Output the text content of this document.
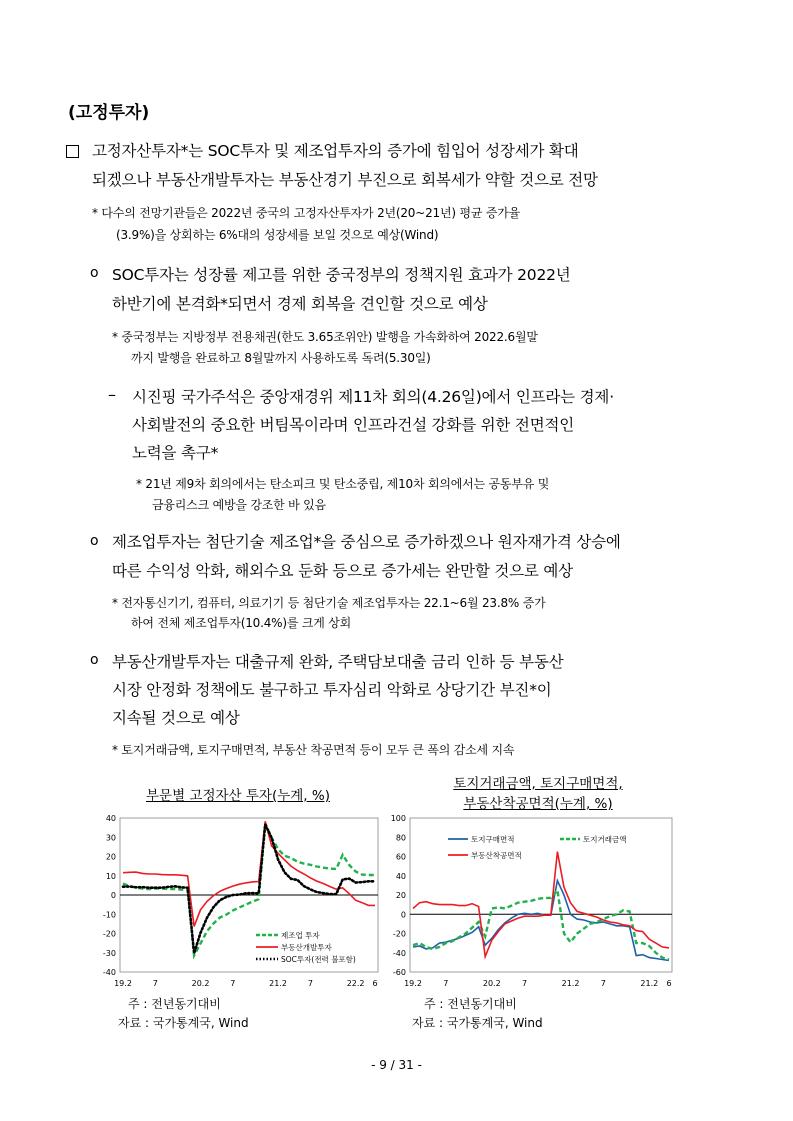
(고정투자)
고정자산투자*는 SOC투자 및 제조업투자의 증가에 힘입어 성장세가 확대
되겠으나 부동산개발투자는 부동산경기 부진으로 회복세가 약할 것으로 전망
* 다수의 전망기관들은 2022년 중국의 고정자산투자가 2년(20~21년) 평균 증가율
(3.9%)을 상회하는 6%대의 성장세를 보일 것으로 예상(Wind)
o SOC투자는 성장률 제고를 위한 중국정부의 정책지원 효과가 2022년
하반기에 본격화*되면서 경제 회복을 견인할 것으로 예상
* 중국정부는 지방정부 전용채권(한도 3.65조위안) 발행을 가속화하여 2022.6월말
까지 발행을 완료하고 8월말까지 사용하도록 독려(5.30일)
– 시진핑 국가주석은 중앙재경위 제11차 회의(4.26일)에서 인프라는 경제·
사회발전의 중요한 버팀목이라며 인프라건설 강화를 위한 전면적인
노력을 촉구*
* 21년 제9차 회의에서는 탄소피크 및 탄소중립, 제10차 회의에서는 공동부유 및
금융리스크 예방을 강조한 바 있음
o 제조업투자는 첨단기술 제조업*을 중심으로 증가하겠으나 원자재가격 상승에
따른 수익성 악화, 해외수요 둔화 등으로 증가세는 완만할 것으로 예상
* 전자통신기기, 컴퓨터, 의료기기 등 첨단기술 제조업투자는 22.1~6월 23.8% 증가
하여 전체 제조업투자(10.4%)를 크게 상회
o 부동산개발투자는 대출규제 완화, 주택담보대출 금리 인하 등 부동산
시장 안정화 정책에도 불구하고 투자심리 악화로 상당기간 부진*이
지속될 것으로 예상
* 토지거래금액, 토지구매면적, 부동산 착공면적 등이 모두 큰 폭의 감소세 지속
부문별 고정자산 투자(누계, %)
40
30
20
10
0
-10
-20
-30
-40
19.2	7	20.2	7	21.2	7	22.2 6
제조업 투자
부동산개발투자
SOC투자(전력 불포함)
주 : 전년동기대비
자료 : 국가통계국, Wind
토지거래금액, 토지구매면적,
부동산착공면적(누계, %)
100
80
60
40
20
0
-20
-40
-60
19.2	7	20.2	7	21.2	7	21.2 6
토지구매면적	토지거래금액
부동산착공면적
주 : 전년동기대비
자료 : 국가통계국, Wind
- 9 / 31 -
